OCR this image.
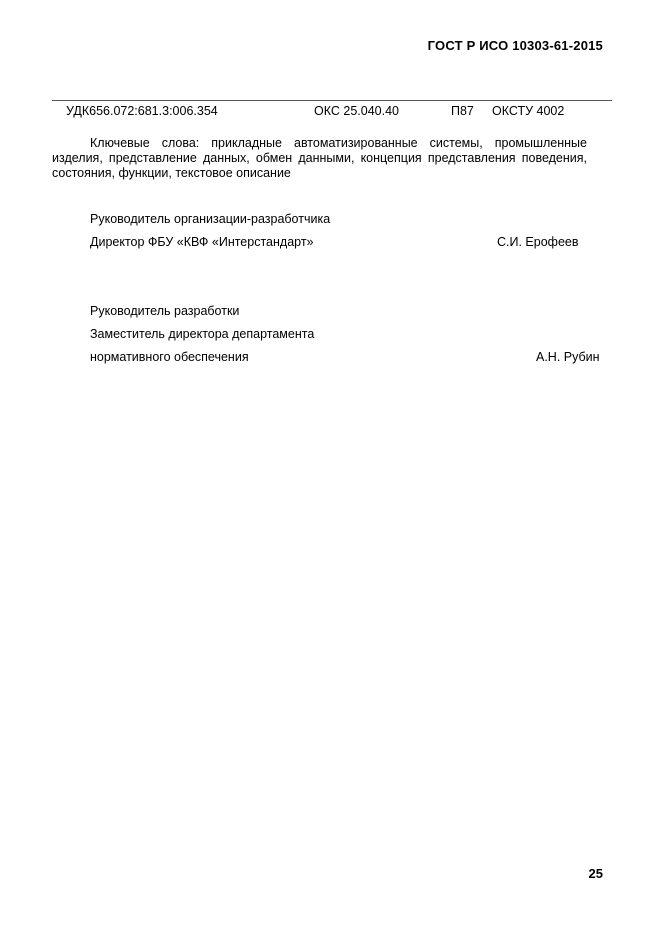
ГОСТ Р ИСО 10303-61-2015
УДК656.072:681.3:006.354	ОКС 25.040.40	П87 ОКСТУ 4002

Ключевые слова: прикладные автоматизированные системы, промышленные изделия, представление данных, обмен данными, концепция представления поведения, состояния, функции, текстовое описание

Руководитель организации-разработчика
Директор ФБУ «КВФ «Интерстандарт»	С.И. Ерофеев
Руководитель разработки
Заместитель директора департамента
нормативного обеспечения	А.Н. Рубин
25
